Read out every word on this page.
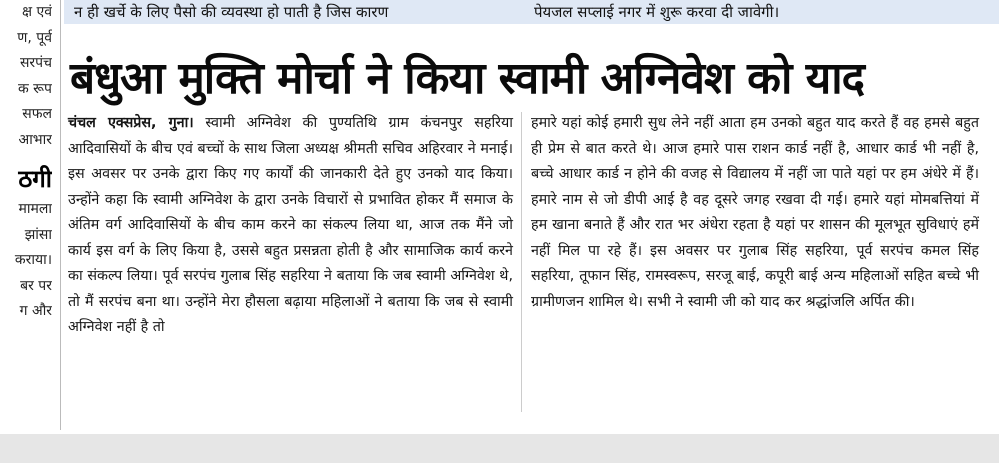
क्ष एवं
ण, पूर्व
सरपंच
क रूप
सफल
आभार
ठगी
मामला
झांसा
कराया।
बर पर
ग और
न ही खर्चे के लिए पैसो की व्यवस्था हो पाती है जिस कारण	पेयजल सप्लाई नगर में शुरू करवा दी जावेगी।
बंधुआ मुक्ति मोर्चा ने किया स्वामी अग्निवेश को याद
चंचल एक्सप्रेस, गुना। स्वामी अग्निवेश की पुण्यतिथि ग्राम कंचनपुर सहरिया आदिवासियों के बीच एवं बच्चों के साथ जिला अध्यक्ष श्रीमती सचिव अहिरवार ने मनाई। इस अवसर पर उनके द्वारा किए गए कार्यों की जानकारी देते हुए उनको याद किया। उन्होंने कहा कि स्वामी अग्निवेश के द्वारा उनके विचारों से प्रभावित होकर मैं समाज के अंतिम वर्ग आदिवासियों के बीच काम करने का संकल्प लिया था, आज तक मैंने जो कार्य इस वर्ग के लिए किया है, उससे बहुत प्रसन्नता होती है और सामाजिक कार्य करने का संकल्प लिया। पूर्व सरपंच गुलाब सिंह सहरिया ने बताया कि जब स्वामी अग्निवेश थे, तो मैं सरपंच बना था। उन्होंने मेरा हौसला बढ़ाया महिलाओं ने बताया कि जब से स्वामी अग्निवेश नहीं है तो
हमारे यहां कोई हमारी सुध लेने नहीं आता हम उनको बहुत याद करते हैं वह हमसे बहुत ही प्रेम से बात करते थे। आज हमारे पास राशन कार्ड नहीं है, आधार कार्ड भी नहीं है, बच्चे आधार कार्ड न होने की वजह से विद्यालय में नहीं जा पाते यहां पर हम अंधेरे में हैं। हमारे नाम से जो डीपी आई है वह दूसरे जगह रखवा दी गई। हमारे यहां मोमबत्तियां में हम खाना बनाते हैं और रात भर अंधेरा रहता है यहां पर शासन की मूलभूत सुविधाएं हमें नहीं मिल पा रहे हैं। इस अवसर पर गुलाब सिंह सहरिया, पूर्व सरपंच कमल सिंह सहरिया, तूफान सिंह, रामस्वरूप, सरजू बाई, कपूरी बाई अन्य महिलाओं सहित बच्चे भी ग्रामीणजन शामिल थे। सभी ने स्वामी जी को याद कर श्रद्धांजलि अर्पित की।
